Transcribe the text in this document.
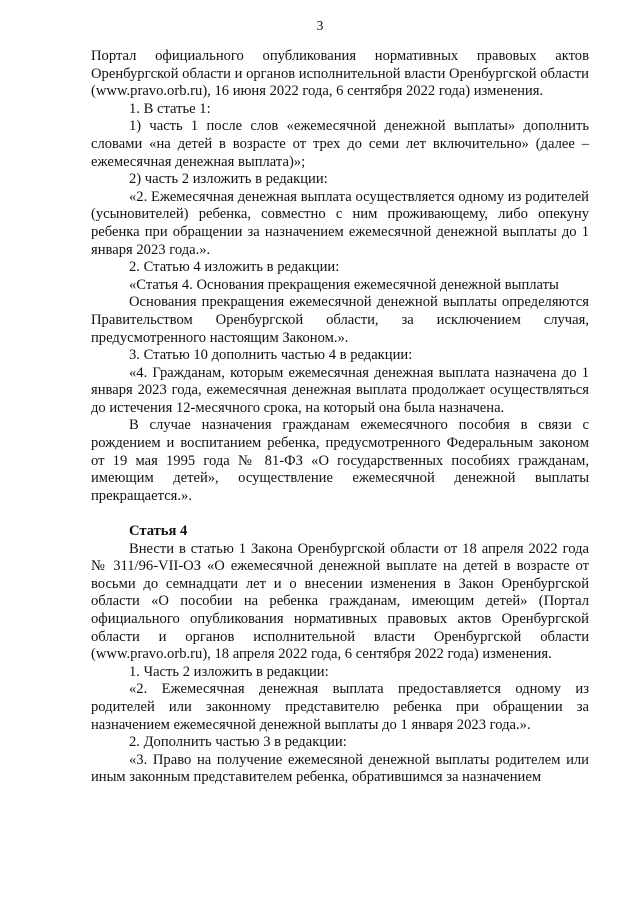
3

Портал официального опубликования нормативных правовых актов Оренбургской области и органов исполнительной власти Оренбургской области (www.pravo.orb.ru), 16 июня 2022 года, 6 сентября 2022 года) изменения.

1. В статье 1:

1) часть 1 после слов «ежемесячной денежной выплаты» дополнить словами «на детей в возрасте от трех до семи лет включительно» (далее – ежемесячная денежная выплата)»;

2) часть 2 изложить в редакции:

«2. Ежемесячная денежная выплата осуществляется одному из родителей (усыновителей) ребенка, совместно с ним проживающему, либо опекуну ребенка при обращении за назначением ежемесячной денежной выплаты до 1 января 2023 года.».

2. Статью 4 изложить в редакции:

«Статья 4. Основания прекращения ежемесячной денежной выплаты

Основания прекращения ежемесячной денежной выплаты определяются Правительством Оренбургской области, за исключением случая, предусмотренного настоящим Законом.».

3. Статью 10 дополнить частью 4 в редакции:

«4. Гражданам, которым ежемесячная денежная выплата назначена до 1 января 2023 года, ежемесячная денежная выплата продолжает осуществляться до истечения 12-месячного срока, на который она была назначена.

В случае назначения гражданам ежемесячного пособия в связи с рождением и воспитанием ребенка, предусмотренного Федеральным законом от 19 мая 1995 года № 81-ФЗ «О государственных пособиях гражданам, имеющим детей», осуществление ежемесячной денежной выплаты прекращается.».

Статья 4

Внести в статью 1 Закона Оренбургской области от 18 апреля 2022 года № 311/96-VII-ОЗ «О ежемесячной денежной выплате на детей в возрасте от восьми до семнадцати лет и о внесении изменения в Закон Оренбургской области «О пособии на ребенка гражданам, имеющим детей» (Портал официального опубликования нормативных правовых актов Оренбургской области и органов исполнительной власти Оренбургской области (www.pravo.orb.ru), 18 апреля 2022 года, 6 сентября 2022 года) изменения.

1. Часть 2 изложить в редакции:

«2. Ежемесячная денежная выплата предоставляется одному из родителей или законному представителю ребенка при обращении за назначением ежемесячной денежной выплаты до 1 января 2023 года.».

2. Дополнить частью 3 в редакции:

«3. Право на получение ежемесяной денежной выплаты родителем или иным законным представителем ребенка, обратившимся за назначением
